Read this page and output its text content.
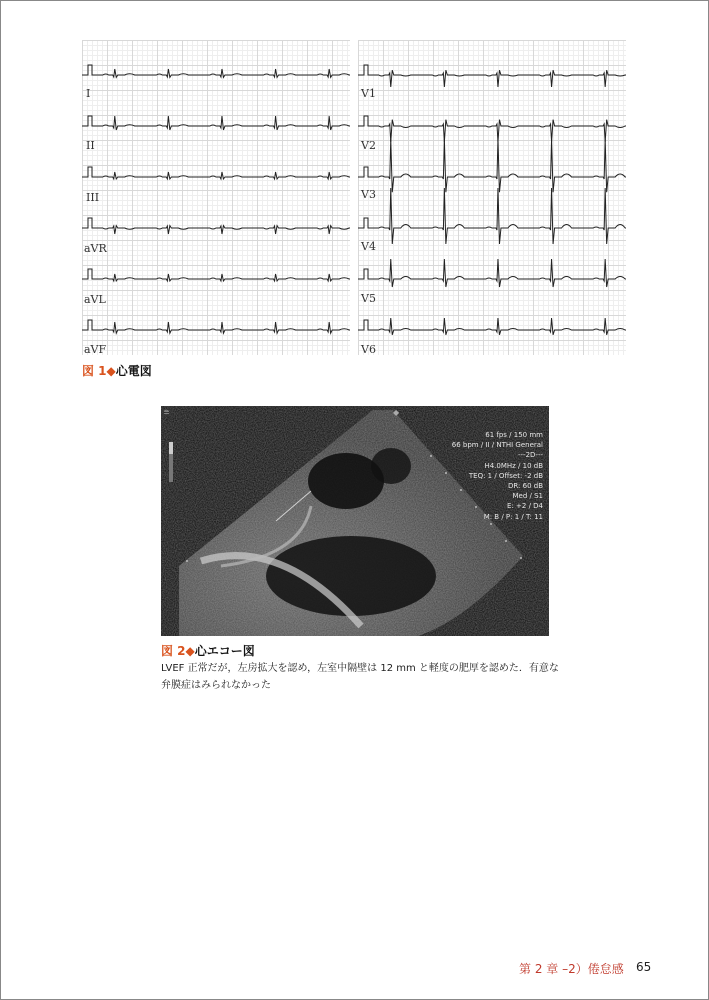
I
II
III
aVR
aVL
aVF
V1
V2
V3
V4
V5
V6
図 1◆心電図
≘	◆
61 fps / 150 mm
66 bpm / II / NTHI General
---2D---
H4.0MHz / 10 dB
TEQ: 1 / Offset: -2 dB
DR: 60 dB
Med / S1
E: +2 / D4
M: B / P: 1 / T: 11
図 2◆心エコー図
LVEF 正常だが，左房拡大を認め，左室中隔壁は 12 mm と軽度の肥厚を認めた．有意な
弁膜症はみられなかった
第 2 章 –2）倦怠感 65
